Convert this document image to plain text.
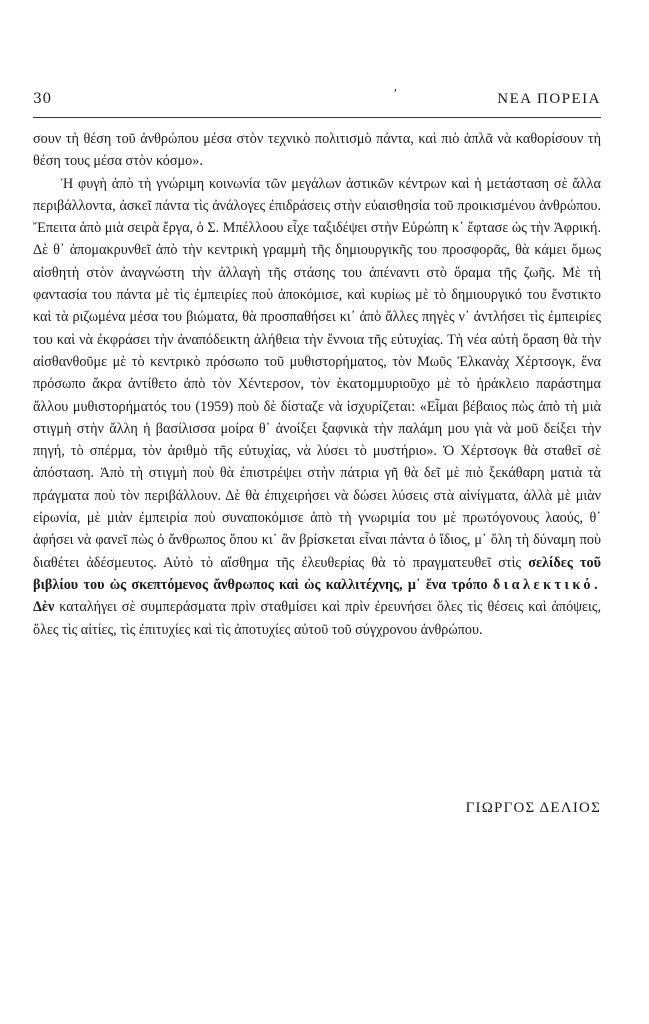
30	ʼ	ΝΕΑ ΠΟΡΕΙΑ

σουν τὴ θέση τοῦ ἀνθρώπου μέσα στὸν τεχνικὸ πολιτισμὸ πάντα, καὶ πιὸ ἁπλᾶ νὰ καθορίσουν τὴ θέση τους μέσα στὸν κόσμο».

Ἡ φυγὴ ἀπὸ τὴ γνώριμη κοινωνία τῶν μεγάλων ἀστικῶν κέντρων καὶ ἡ μετάσταση σὲ ἄλλα περιβάλλοντα, ἀσκεῖ πάντα τὶς ἀνάλογες ἐπιδράσεις στὴν εὐαισθησία τοῦ προικισμένου ἀνθρώπου. Ἔπειτα ἀπὸ μιὰ σειρὰ ἔργα, ὁ Σ. Μπέλλοου εἶχε ταξιδέψει στὴν Εὐρώπη κ᾽ ἔφτασε ὡς τὴν Ἀφρική. Δὲ θ᾽ ἀπομακρυνθεῖ ἀπὸ τὴν κεντρικὴ γραμμὴ τῆς δημιουργικῆς του προσφορᾶς, θὰ κάμει ὅμως αἰσθητὴ στὸν ἀναγνώστη τὴν ἀλλαγὴ τῆς στάσης του ἀπέναντι στὸ ὅραμα τῆς ζωῆς. Μὲ τὴ φαντασία του πάντα μὲ τὶς ἐμπειρίες ποὺ ἀποκόμισε, καὶ κυρίως μὲ τὸ δημιουργικό του ἔνστικτο καὶ τὰ ριζωμένα μέσα του βιώματα, θὰ προσπαθήσει κι᾽ ἀπὸ ἄλλες πηγὲς ν᾽ ἀντλήσει τὶς ἐμπειρίες του καὶ νὰ ἐκφράσει τὴν ἀναπόδεικτη ἀλήθεια τὴν ἔννοια τῆς εὐτυχίας. Τὴ νέα αὐτὴ ὅραση θὰ τὴν αἰσθανθοῦμε μὲ τὸ κεντρικὸ πρόσωπο τοῦ μυθιστορήματος, τὸν Μωῦς Ἐλκανὰχ Χέρτσογκ, ἕνα πρόσωπο ἄκρα ἀντίθετο ἀπὸ τὸν Χέντερσον, τὸν ἑκατομμυριοῦχο μὲ τὸ ἡράκλειο παράστημα ἄλλου μυθιστορήματός του (1959) ποὺ δὲ δίσταζε νὰ ἰσχυρίζεται: «Εἶμαι βέβαιος πὼς ἀπὸ τὴ μιὰ στιγμὴ στὴν ἄλλη ἡ βασίλισσα μοίρα θ᾽ ἀνοίξει ξαφνικὰ τὴν παλάμη μου γιὰ νὰ μοῦ δείξει τὴν πηγή, τὸ σπέρμα, τὸν ἀριθμὸ τῆς εὐτυχίας, νὰ λύσει τὸ μυστήριο». Ὁ Χέρτσογκ θὰ σταθεῖ σὲ ἀπόσταση. Ἀπὸ τὴ στιγμὴ ποὺ θὰ ἐπιστρέψει στὴν πάτρια γῆ θὰ δεῖ μὲ πιὸ ξεκάθαρη ματιὰ τὰ πράγματα ποὺ τὸν περιβάλλουν. Δὲ θὰ ἐπιχειρήσει νὰ δώσει λύσεις στὰ αἰνίγματα, ἀλλὰ μὲ μιὰν εἰρωνία, μὲ μιὰν ἐμπειρία ποὺ συναποκόμισε ἀπὸ τὴ γνωριμία του μὲ πρωτόγονους λαούς, θ᾽ ἀφήσει νὰ φανεῖ πὼς ὁ ἄνθρωπος ὅπου κι᾽ ἂν βρίσκεται εἶναι πάντα ὁ ἴδιος, μ᾽ ὅλη τὴ δύναμη ποὺ διαθέτει ἀδέσμευτος. Αὐτὸ τὸ αἴσθημα τῆς ἐλευθερίας θὰ τὸ πραγματευθεῖ στὶς σελίδες τοῦ βιβλίου του ὡς σκεπτόμενος ἄνθρωπος καὶ ὡς καλλιτέχνης, μ᾽ ἕνα τρόπο διαλεκτικό. Δὲν καταλήγει σὲ συμπεράσματα πρὶν σταθμίσει καὶ πρὶν ἐρευνήσει ὅλες τὶς θέσεις καὶ ἀπόψεις, ὅλες τὶς αἰτίες, τὶς ἐπιτυχίες καὶ τὶς ἀποτυχίες αὐτοῦ τοῦ σύγχρονου ἀνθρώπου.

ΓΙΩΡΓΟΣ ΔΕΛΙΟΣ
